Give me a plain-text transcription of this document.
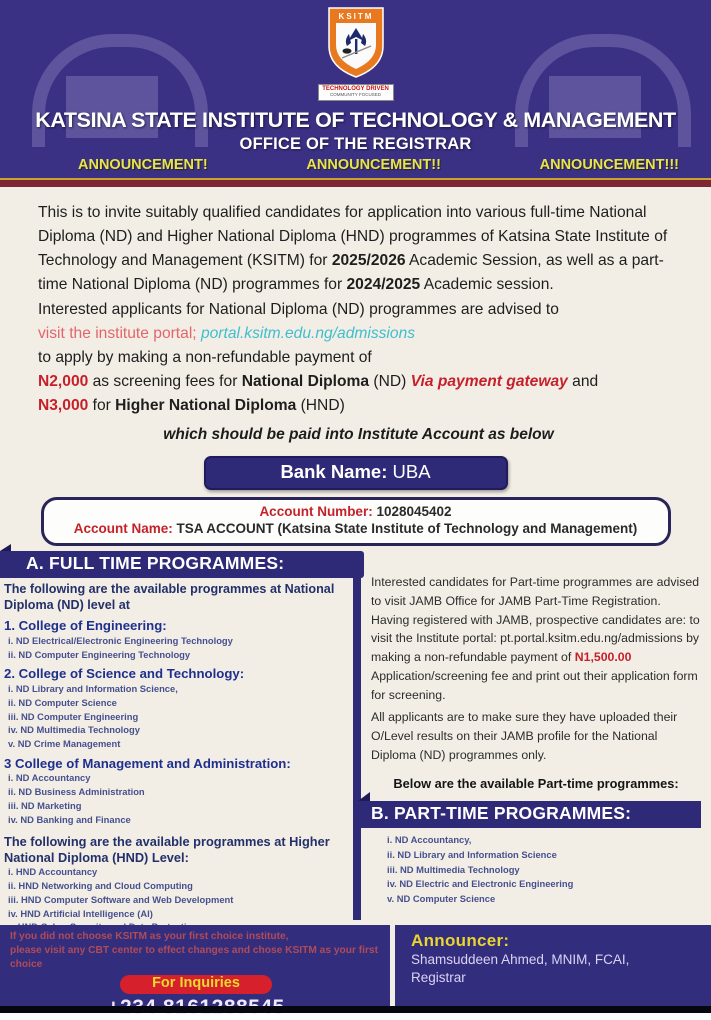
KSITM
TECHNOLOGY DRIVEN
COMMUNITY FOCUSED
KATSINA STATE INSTITUTE OF TECHNOLOGY & MANAGEMENT
OFFICE OF THE REGISTRAR
ANNOUNCEMENT!	ANNOUNCEMENT!!	ANNOUNCEMENT!!!

This is to invite suitably qualified candidates for application into various full-time National Diploma (ND) and Higher National Diploma (HND) programmes of Katsina State Institute of Technology and Management (KSITM) for 2025/2026 Academic Session, as well as a part-time National Diploma (ND) programmes for 2024/2025 Academic session.

Interested applicants for National Diploma (ND) programmes are advised to
visit the institute portal; portal.ksitm.edu.ng/admissions
to apply by making a non-refundable payment of
N2,000 as screening fees for National Diploma (ND) Via payment gateway and
N3,000 for Higher National Diploma (HND)
which should be paid into Institute Account as below
Bank Name: UBA
Account Number: 1028045402
Account Name: TSA ACCOUNT (Katsina State Institute of Technology and Management)
A. FULL TIME PROGRAMMES:
The following are the available programmes at National Diploma (ND) level at
1. College of Engineering:
i. ND Electrical/Electronic Engineering Technology
ii. ND Computer Engineering Technology
2. College of Science and Technology:
i. ND Library and Information Science,
ii. ND Computer Science
iii. ND Computer Engineering
iv. ND Multimedia Technology
v. ND Crime Management
3 College of Management and Administration:
i. ND Accountancy
ii. ND Business Administration
iii. ND Marketing
iv. ND Banking and Finance
The following are the available programmes at Higher National Diploma (HND) Level:
i. HND Accountancy
ii. HND Networking and Cloud Computing
iii. HND Computer Software and Web Development
iv. HND Artificial Intelligence (AI)

Interested candidates for Part-time programmes are advised to visit JAMB Office for JAMB Part-Time Registration. Having registered with JAMB, prospective candidates are: to visit the Institute portal: pt.portal.ksitm.edu.ng/admissions by making a non-refundable payment of N1,500.00 Application/screening fee and print out their application form for screening.

All applicants are to make sure they have uploaded their O/Level results on their JAMB profile for the National Diploma (ND) programmes only.

Below are the available Part-time programmes:
B. PART-TIME PROGRAMMES:
i. ND Accountancy,
ii. ND Library and Information Science
iii. ND Multimedia Technology
iv. ND Electric and Electronic Engineering
v. ND Computer Science
If you did not choose KSITM as your first choice institute,
please visit any CBT center to effect changes and chose KSITM as your first choice
For Inquiries
Announcer:
Shamsuddeen Ahmed, MNIM, FCAI,
Registrar
